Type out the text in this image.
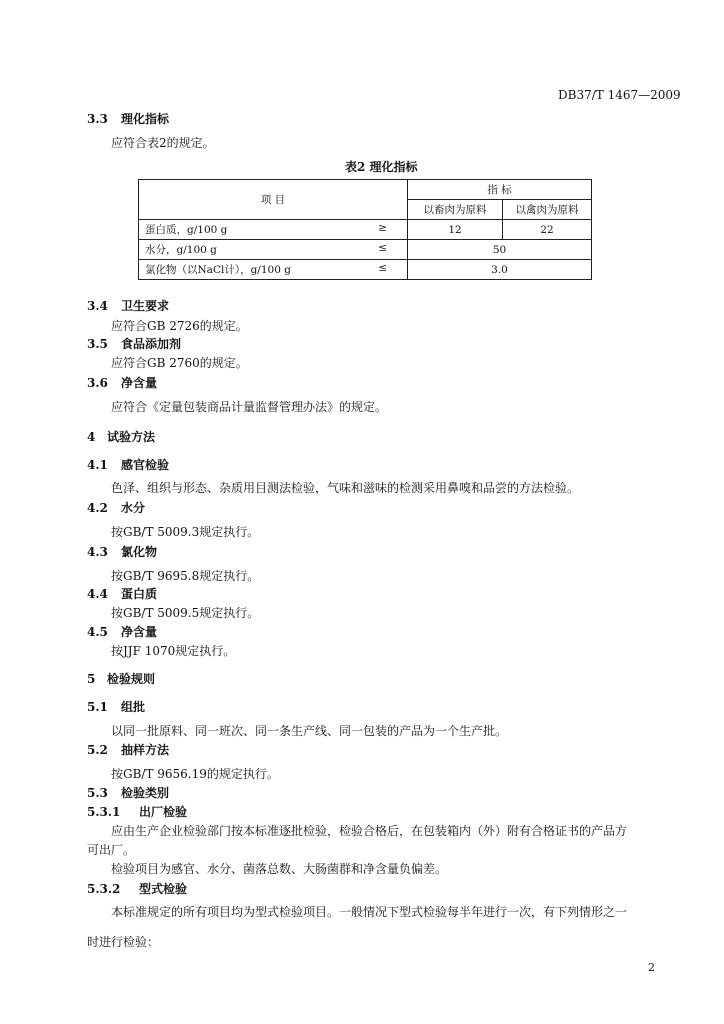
DB37/T 1467—2009
3.3 理化指标
应符合表2的规定。
表2 理化指标
项 目	指 标	
	以畜肉为原料	以禽肉为原料

蛋白质，g/100 g ≥	12	22

水分，g/100 g ≤	50	

氯化物（以NaCl计），g/100 g ≤	3.0	
3.4 卫生要求
应符合GB 2726的规定。
3.5 食品添加剂
应符合GB 2760的规定。
3.6 净含量
应符合《定量包装商品计量监督管理办法》的规定。
4 试验方法
4.1 感官检验
色泽、组织与形态、杂质用目测法检验，气味和滋味的检测采用鼻嗅和品尝的方法检验。
4.2 水分
按GB/T 5009.3规定执行。
4.3 氯化物
按GB/T 9695.8规定执行。
4.4 蛋白质
按GB/T 5009.5规定执行。
4.5 净含量
按JJF 1070规定执行。
5 检验规则
5.1 组批
以同一批原料、同一班次、同一条生产线、同一包装的产品为一个生产批。
5.2 抽样方法
按GB/T 9656.19的规定执行。
5.3 检验类别
5.3.1 出厂检验
应由生产企业检验部门按本标准逐批检验，检验合格后，在包装箱内（外）附有合格证书的产品方
可出厂。
检验项目为感官、水分、菌落总数、大肠菌群和净含量负偏差。
5.3.2 型式检验
本标准规定的所有项目均为型式检验项目。一般情况下型式检验每半年进行一次，有下列情形之一
时进行检验：
2
